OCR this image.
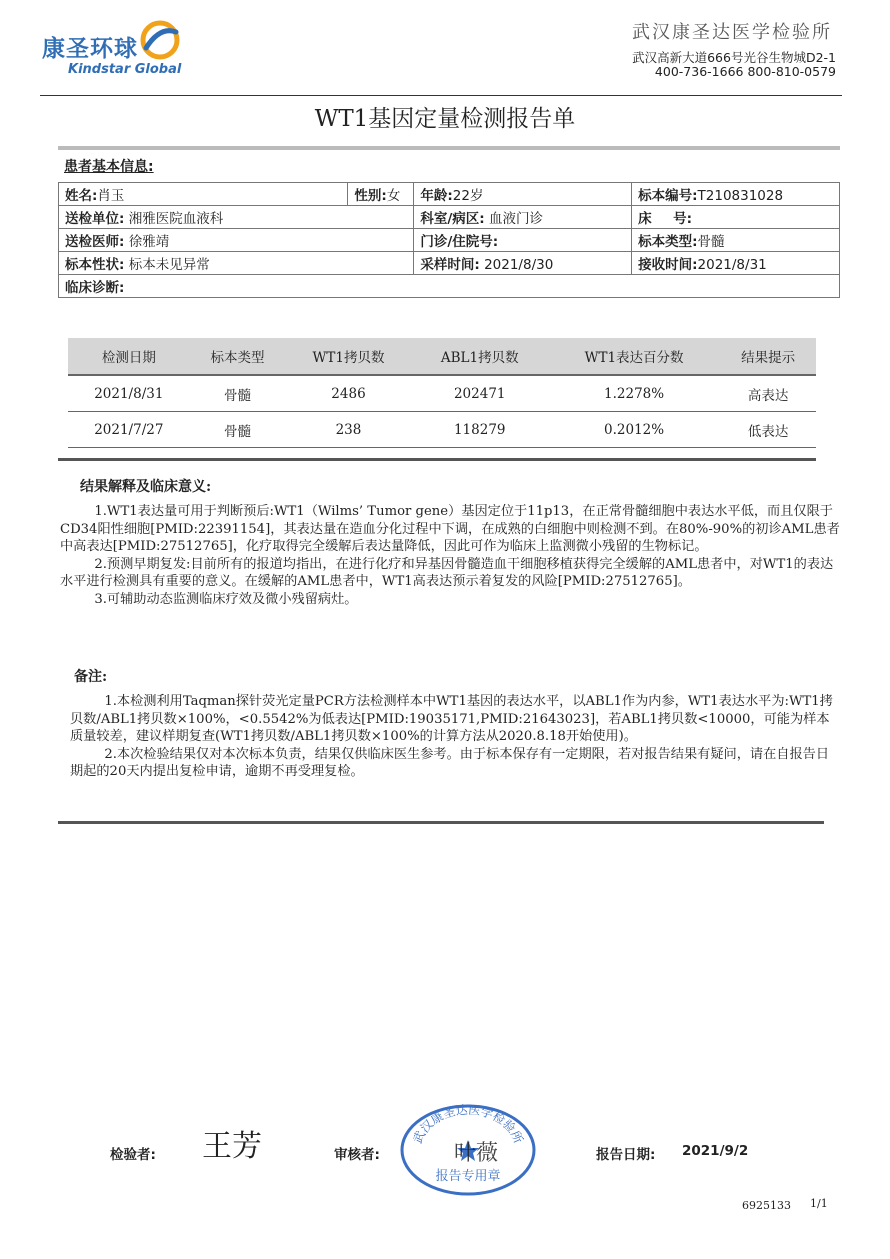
康圣环球
Kindstar Global
武汉康圣达医学检验所
武汉高新大道666号光谷生物城D2-1
400-736-1666 800-810-0579
WT1基因定量检测报告单
患者基本信息:
姓名:肖玉	性别:女	年龄:22岁	标本编号:T210831028
送检单位: 湘雅医院血液科		科室/病区: 血液门诊	床 号:
送检医师: 徐雅靖		门诊/住院号:	标本类型:骨髓
标本性状: 标本未见异常		采样时间: 2021/8/30	接收时间:2021/8/31
临床诊断:			
检测日期	标本类型	WT1拷贝数	ABL1拷贝数	WT1表达百分数	结果提示
2021/8/31	骨髓	2486	202471	1.2278%	高表达
2021/7/27	骨髓	238	118279	0.2012%	低表达
结果解释及临床意义:

1.WT1表达量可用于判断预后:WT1（Wilms’ Tumor gene）基因定位于11p13，在正常骨髓细胞中表达水平低，而且仅限于CD34阳性细胞[PMID:22391154]，其表达量在造血分化过程中下调，在成熟的白细胞中则检测不到。在80%-90%的初诊AML患者中高表达[PMID:27512765]，化疗取得完全缓解后表达量降低，因此可作为临床上监测微小残留的生物标记。

2.预测早期复发:目前所有的报道均指出，在进行化疗和异基因骨髓造血干细胞移植获得完全缓解的AML患者中，对WT1的表达水平进行检测具有重要的意义。在缓解的AML患者中，WT1高表达预示着复发的风险[PMID:27512765]。

3.可辅助动态监测临床疗效及微小残留病灶。

备注:

1.本检测利用Taqman探针荧光定量PCR方法检测样本中WT1基因的表达水平，以ABL1作为内参，WT1表达水平为:WT1拷贝数/ABL1拷贝数×100%，<0.5542%为低表达[PMID:19035171,PMID:21643023]，若ABL1拷贝数<10000，可能为样本质量较差，建议样期复查(WT1拷贝数/ABL1拷贝数×100%的计算方法从2020.8.18开始使用)。

2.本次检验结果仅对本次标本负责，结果仅供临床医生参考。由于标本保存有一定期限，若对报告结果有疑问，请在自报告日期起的20天内提出复检申请，逾期不再受理复检。

检验者: 王芳	审核者:
武汉康圣达医学检验所
报告专用章
叶薇	报告日期: 2021/9/2
6925133 1/1
